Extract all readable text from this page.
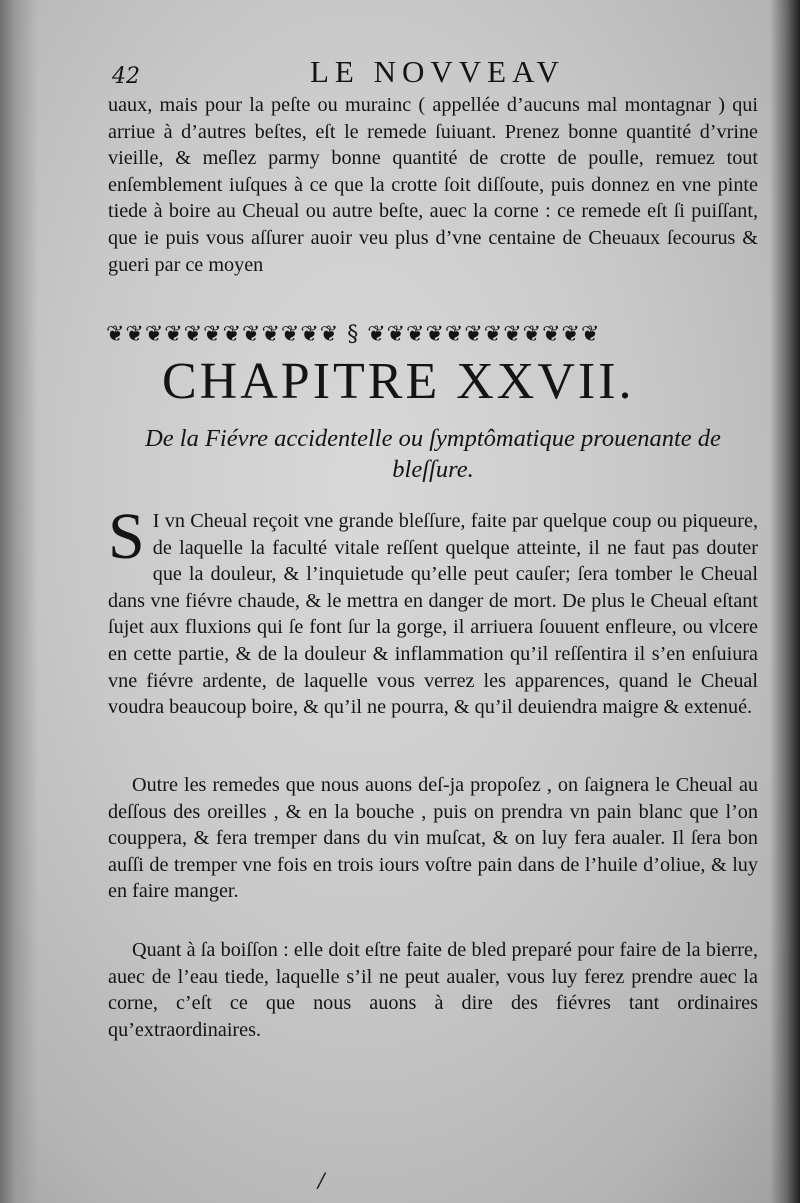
42	LE NOVVEAV

uaux, mais pour la peſte ou murainc ( appellée d’aucuns mal montagnar ) qui arriue à d’autres beſtes, eſt le remede ſuiuant. Prenez bonne quantité d’vrine vieille, & meſlez parmy bonne quantité de crotte de poulle, remuez tout enſemblement iuſques à ce que la crotte ſoit diſſoute, puis donnez en vne pinte tiede à boire au Cheual ou autre beſte, auec la corne : ce remede eſt ſi puiſſant, que ie puis vous aſſurer auoir veu plus d’vne centaine de Cheuaux ſecourus & gueri par ce moyen

❦❦❦❦❦❦❦❦❦❦❦❦ § ❦❦❦❦❦❦❦❦❦❦❦❦
CHAPITRE XXVII.
De la Fiévre accidentelle ou ſymptômatique prouenante de bleſſure.
S I vn Cheual reçoit vne grande bleſſure, faite par quelque coup ou piqueure, de laquelle la faculté vitale reſſent quelque atteinte, il ne faut pas douter que la douleur, & l’inquietude qu’elle peut cauſer; ſera tomber le Cheual dans vne fiévre chaude, & le mettra en danger de mort. De plus le Cheual eſtant ſujet aux fluxions qui ſe font ſur la gorge, il arriuera ſouuent enfleure, ou vlcere en cette partie, & de la douleur & inflammation qu’il reſſentira il s’en enſuiura vne fiévre ardente, de laquelle vous verrez les apparences, quand le Cheual voudra beaucoup boire, & qu’il ne pourra, & qu’il deuiendra maigre & extenué.

Outre les remedes que nous auons deſ-ja propoſez , on ſaignera le Cheual au deſſous des oreilles , & en la bouche , puis on prendra vn pain blanc que l’on couppera, & fera tremper dans du vin muſcat, & on luy fera aualer. Il ſera bon auſſi de tremper vne fois en trois iours voſtre pain dans de l’huile d’oliue, & luy en faire manger.

Quant à ſa boiſſon : elle doit eſtre faite de bled preparé pour faire de la bierre, auec de l’eau tiede, laquelle s’il ne peut aualer, vous luy ferez prendre auec la corne, c’eſt ce que nous auons à dire des fiévres tant ordinaires qu’extraordinaires.

/
